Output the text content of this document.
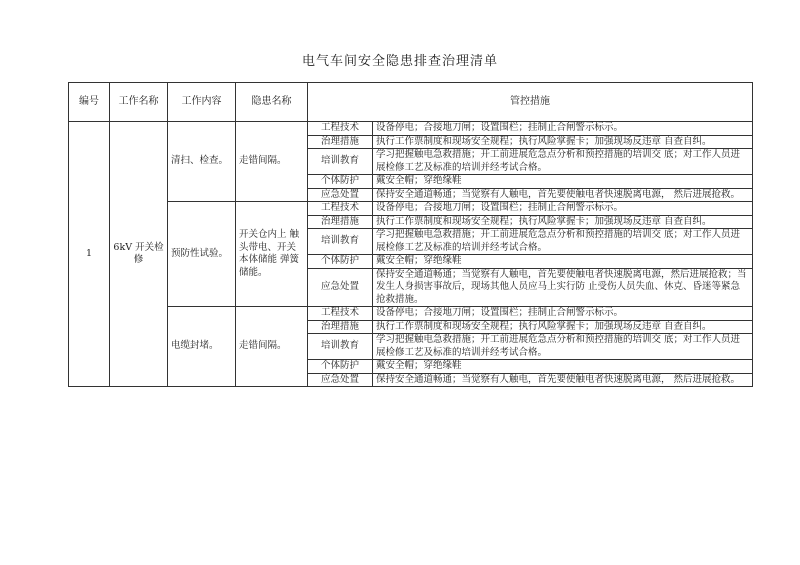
电气车间安全隐患排查治理清单
编号	工作名称	工作内容	隐患名称	管控措施	
1	6kV 开关检修	清扫、检查。	走错间隔。	工程技术	设备停电；合接地刀闸；设置围栏；挂制止合闸警示标示。
				治理措施	执行工作票制度和现场安全规程；执行风险掌握卡；加强现场反违章 自查自纠。
				培训教育	学习把握触电急救措施；开工前进展危急点分析和预控措施的培训交 底；对工作人员进展检修工艺及标准的培训并经考试合格。
				个体防护	戴安全帽；穿绝缘鞋
				应急处置	保持安全通道畅通；当觉察有人触电，首先要使触电者快速脱离电源， 然后进展抢救。
		预防性试验。	开关仓内上 触头带电、开关本体储能 弹簧储能。	工程技术	设备停电；合接地刀闸；设置围栏；挂制止合闸警示标示。
				治理措施	执行工作票制度和现场安全规程；执行风险掌握卡；加强现场反违章 自查自纠。
				培训教育	学习把握触电急救措施；开工前进展危急点分析和预控措施的培训交 底；对工作人员进展检修工艺及标准的培训并经考试合格。
				个体防护	戴安全帽；穿绝缘鞋
				应急处置	保持安全通道畅通；当觉察有人触电，首先要使触电者快速脱离电源，然后进展抢救；当发生人身损害事故后，现场其他人员应马上实行防 止受伤人员失血、休克、昏迷等紧急抢救措施。
		电缆封堵。	走错间隔。	工程技术	设备停电；合接地刀闸；设置围栏；挂制止合闸警示标示。
				治理措施	执行工作票制度和现场安全规程；执行风险掌握卡；加强现场反违章 自查自纠。
				培训教育	学习把握触电急救措施；开工前进展危急点分析和预控措施的培训交 底；对工作人员进展检修工艺及标准的培训并经考试合格。
				个体防护	戴安全帽；穿绝缘鞋
				应急处置	保持安全通道畅通；当觉察有人触电，首先要使触电者快速脱离电源， 然后进展抢救。
